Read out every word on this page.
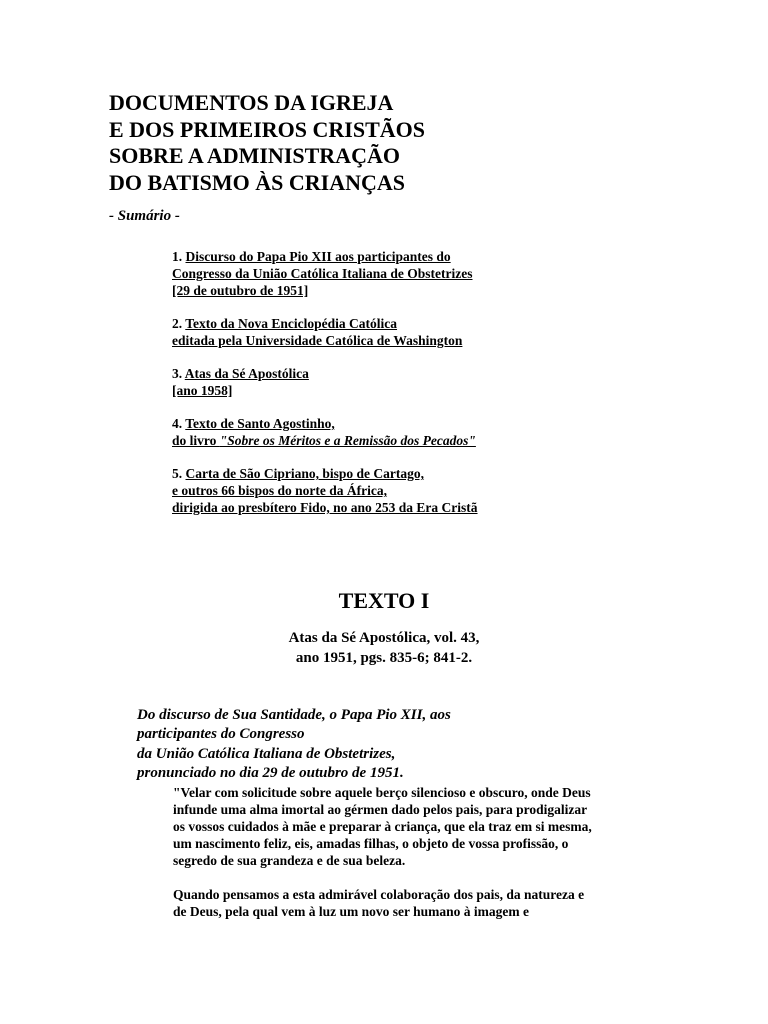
DOCUMENTOS DA IGREJA
E DOS PRIMEIROS CRISTÃOS
SOBRE A ADMINISTRAÇÃO
DO BATISMO ÀS CRIANÇAS

- Sumário -

1. Discurso do Papa Pio XII aos participantes do
Congresso da União Católica Italiana de Obstetrizes
[29 de outubro de 1951]
2. Texto da Nova Enciclopédia Católica
editada pela Universidade Católica de Washington
3. Atas da Sé Apostólica
[ano 1958]
4. Texto de Santo Agostinho,
do livro "Sobre os Méritos e a Remissão dos Pecados"
5. Carta de São Cipriano, bispo de Cartago,
e outros 66 bispos do norte da África,
dirigida ao presbítero Fido, no ano 253 da Era Cristã
TEXTO I

Atas da Sé Apostólica, vol. 43,
ano 1951, pgs. 835-6; 841-2.

Do discurso de Sua Santidade, o Papa Pio XII, aos
participantes do Congresso
da União Católica Italiana de Obstetrizes,
pronunciado no dia 29 de outubro de 1951.

"Velar com solicitude sobre aquele berço silencioso e obscuro, onde Deus
infunde uma alma imortal ao gérmen dado pelos pais, para prodigalizar
os vossos cuidados à mãe e preparar à criança, que ela traz em si mesma,
um nascimento feliz, eis, amadas filhas, o objeto de vossa profissão, o
segredo de sua grandeza e de sua beleza.

Quando pensamos a esta admirável colaboração dos pais, da natureza e
de Deus, pela qual vem à luz um novo ser humano à imagem e
